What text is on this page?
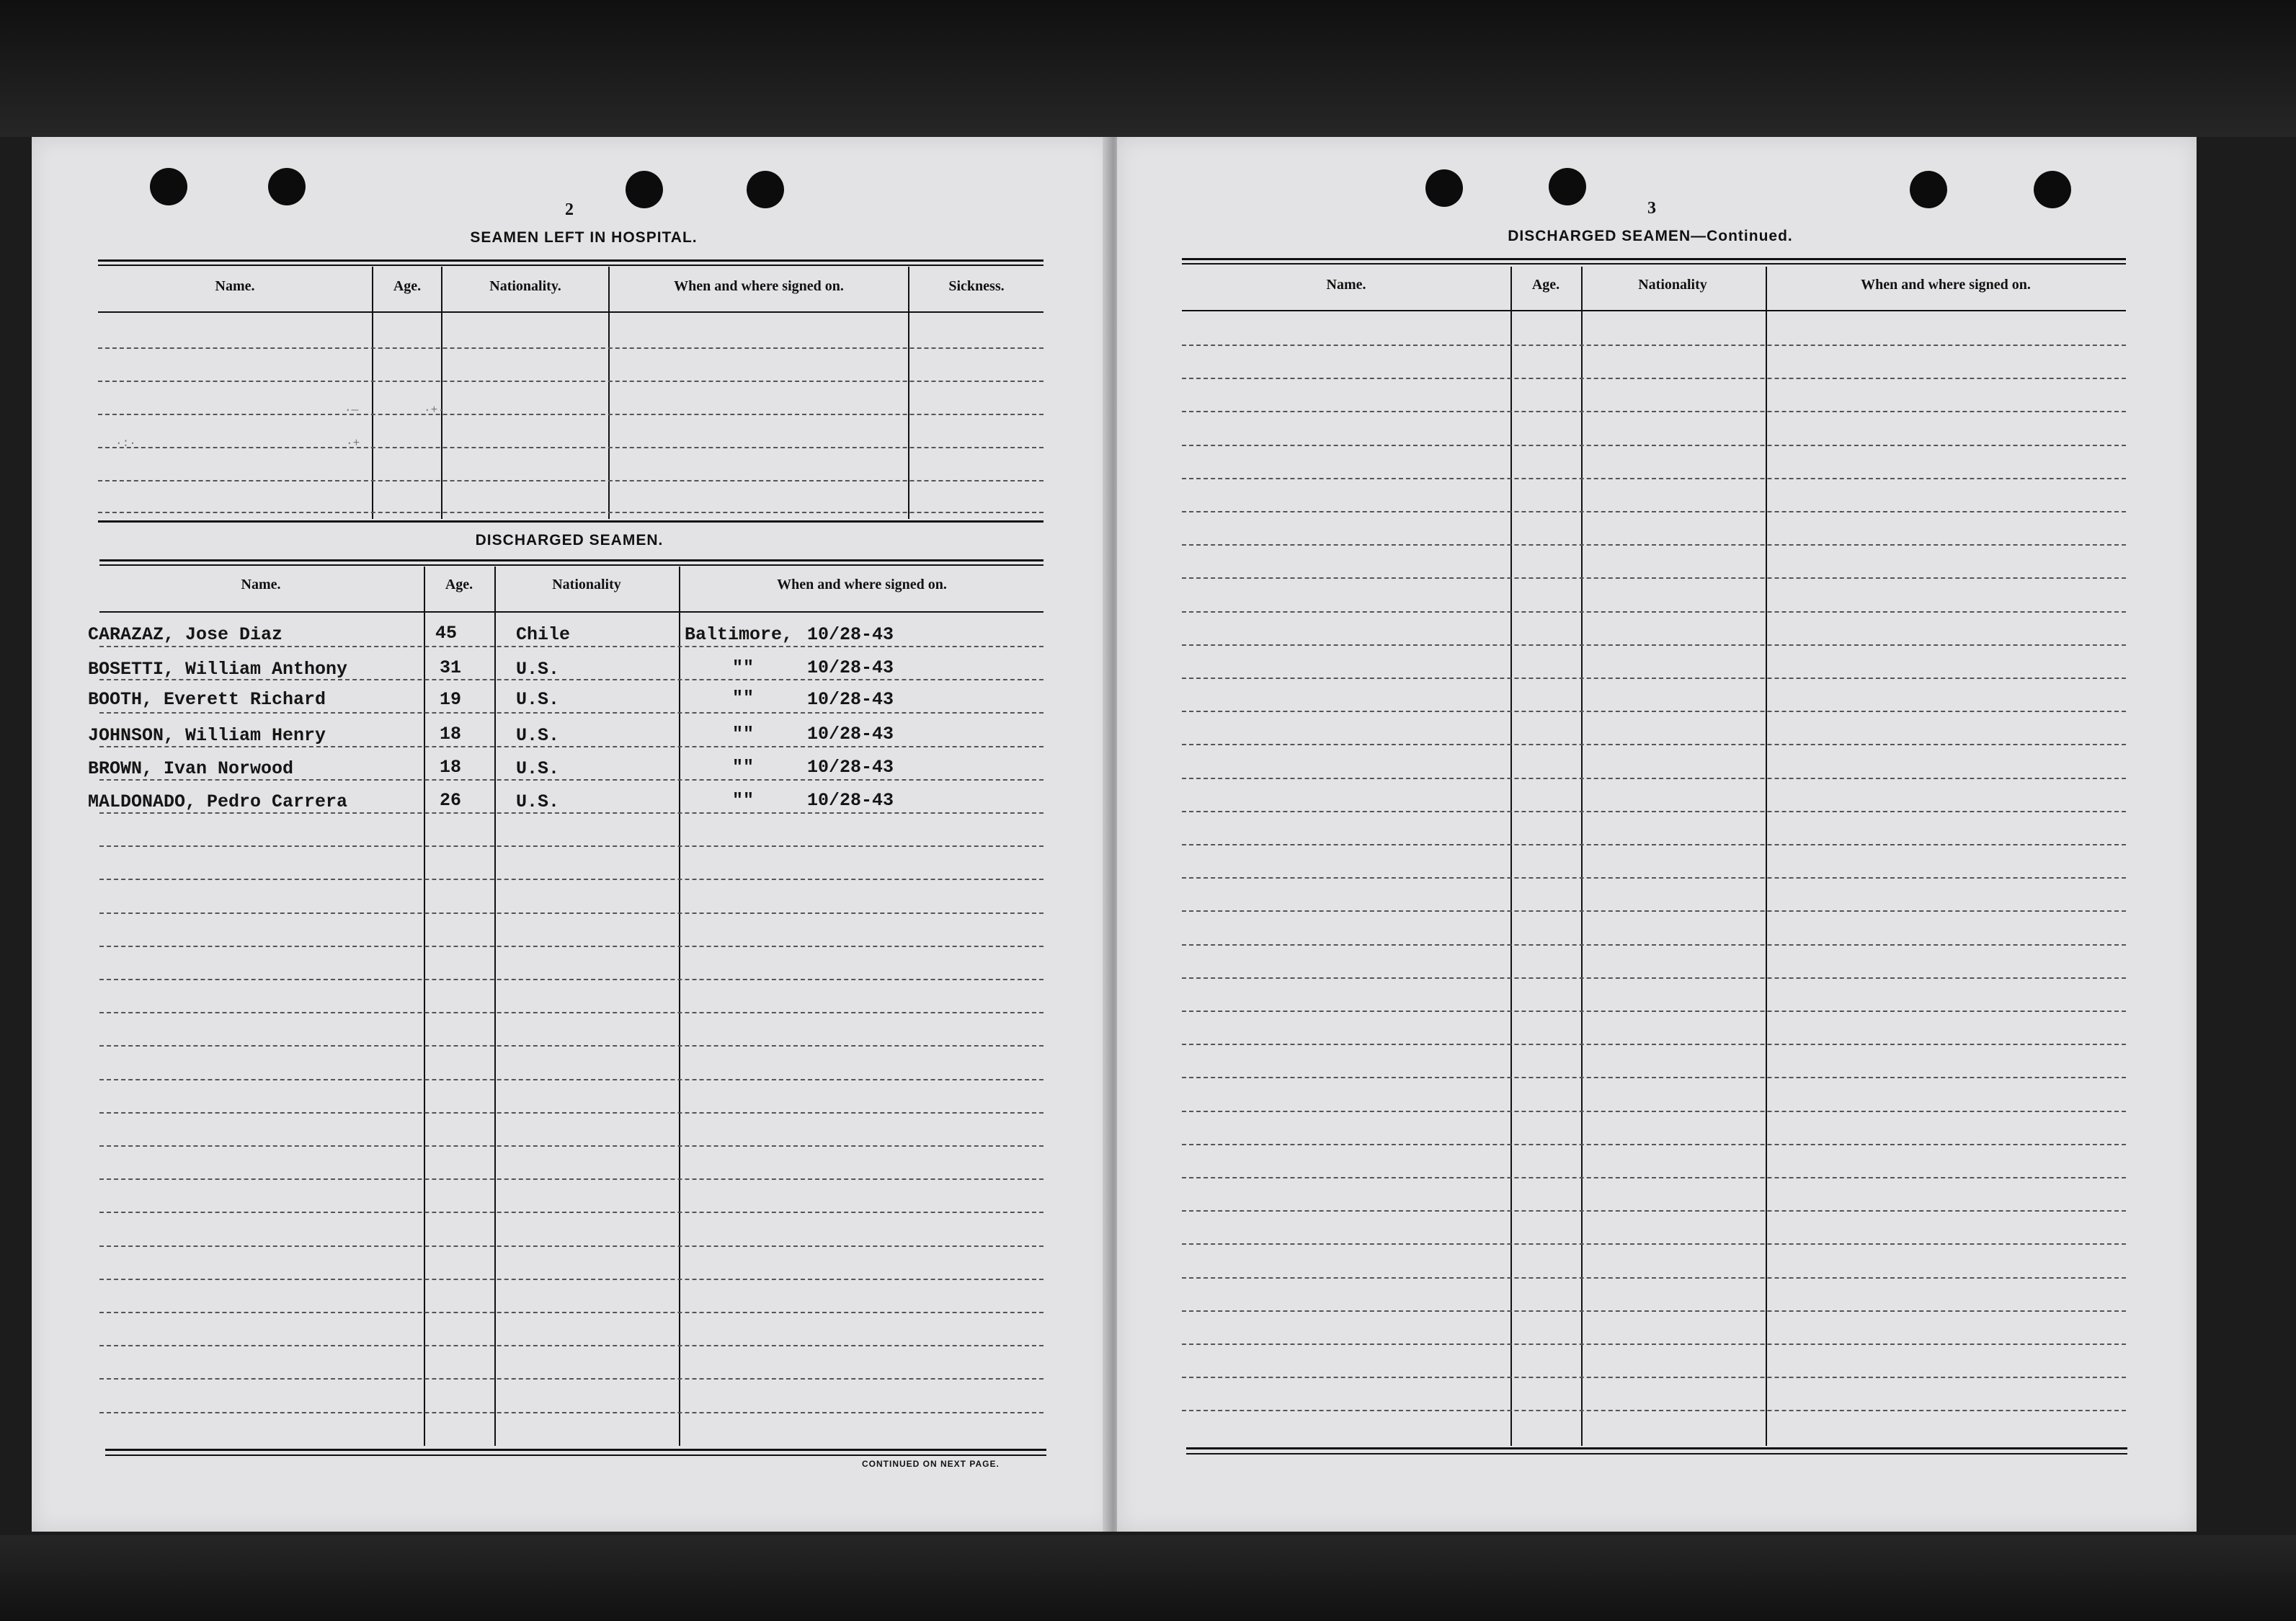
2
SEAMEN LEFT IN HOSPITAL.
Name.	Age.	Nationality.	When and where signed on.	Sickness.
·—	·+·
·:·	·+
DISCHARGED SEAMEN.
Name.	Age.	Nationality	When and where signed on.
CARAZAZ, Jose Diaz	45	Chile	Baltimore, 10/28-43
BOSETTI, William Anthony	31	U.S.	""	10/28-43
BOOTH, Everett Richard	19	U.S.	""	10/28-43
JOHNSON, William Henry	18	U.S.	""	10/28-43
BROWN, Ivan Norwood	18	U.S.	""	10/28-43
MALDONADO, Pedro Carrera	26	U.S.	""	10/28-43
CONTINUED ON NEXT PAGE.
3
DISCHARGED SEAMEN—Continued.
Name.	Age.	Nationality	When and where signed on.
